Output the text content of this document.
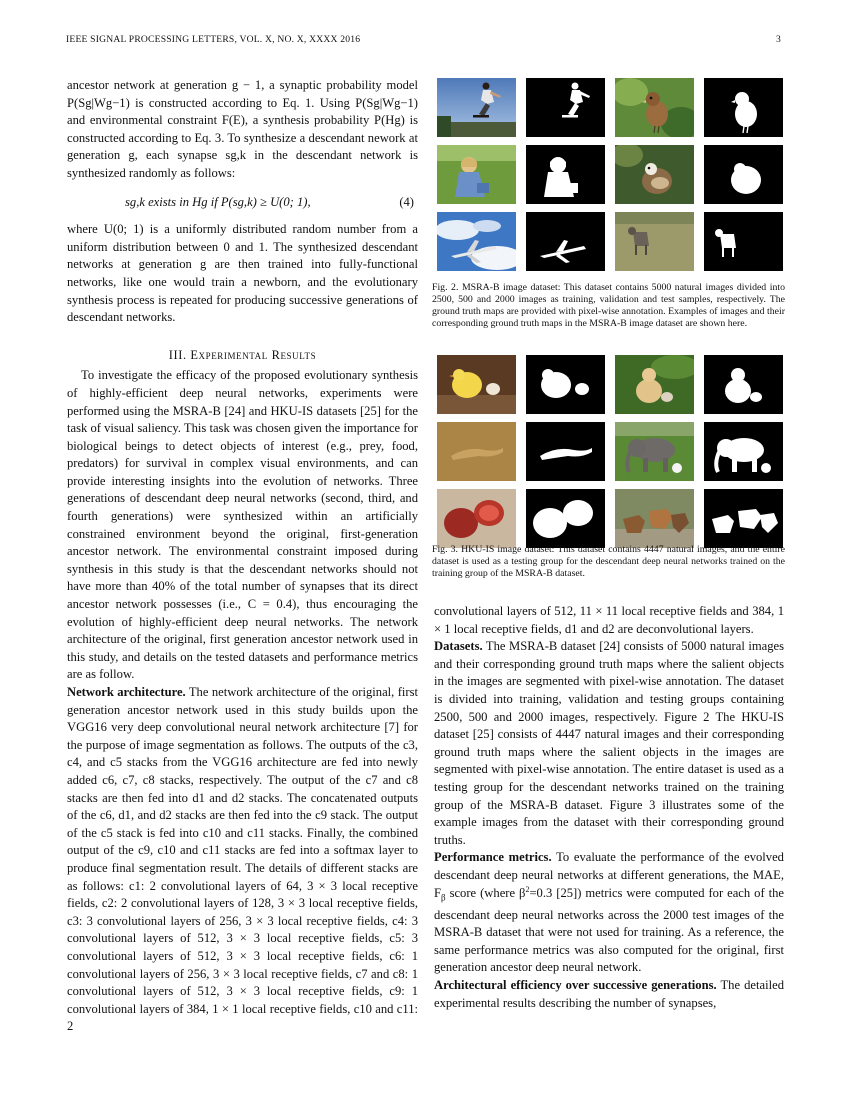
IEEE SIGNAL PROCESSING LETTERS, VOL. X, NO. X, XXXX 2016	3

ancestor network at generation g − 1, a synaptic probability model P(Sg|Wg−1) is constructed according to Eq. 1. Using P(Sg|Wg−1) and environmental constraint F(E), a synthesis probability P(Hg) is constructed according to Eq. 3. To synthesize a descendant nework at generation g, each synapse sg,k in the descendant network is synthesized randomly as follows:

sg,k exists in Hg if P(sg,k) ≥ U(0; 1),	(4)

where U(0; 1) is a uniformly distributed random number from a uniform distribution between 0 and 1. The synthesized descendant networks at generation g are then trained into fully-functional networks, like one would train a newborn, and the evolutionary synthesis process is repeated for producing successive generations of descendant networks.

III. Experimental Results

To investigate the efficacy of the proposed evolutionary synthesis of highly-efficient deep neural networks, experiments were performed using the MSRA-B [24] and HKU-IS datasets [25] for the task of visual saliency. This task was chosen given the importance for biological beings to detect objects of interest (e.g., prey, food, predators) for survival in complex visual environments, and can provide interesting insights into the evolution of networks. Three generations of descendant deep neural networks (second, third, and fourth generations) were synthesized within an artificially constrained environment beyond the original, first-generation ancestor network. The environmental constraint imposed during synthesis in this study is that the descendant networks should not have more than 40% of the total number of synapses that its direct ancestor network possesses (i.e., C = 0.4), thus encouraging the evolution of highly-efficient deep neural networks. The network architecture of the original, first generation ancestor network used in this study, and details on the tested datasets and performance metrics are as follow.

Network architecture. The network architecture of the original, first generation ancestor network used in this study builds upon the VGG16 very deep convolutional neural network architecture [7] for the purpose of image segmentation as follows. The outputs of the c3, c4, and c5 stacks from the VGG16 architecture are fed into newly added c6, c7, c8 stacks, respectively. The output of the c7 and c8 stacks are then fed into d1 and d2 stacks. The concatenated outputs of the c6, d1, and d2 stacks are then fed into the c9 stack. The output of the c5 stack is fed into c10 and c11 stacks. Finally, the combined output of the c9, c10 and c11 stacks are fed into a softmax layer to produce final segmentation result. The details of different stacks are as follows: c1: 2 convolutional layers of 64, 3 × 3 local receptive fields, c2: 2 convolutional layers of 128, 3 × 3 local receptive fields, c3: 3 convolutional layers of 256, 3 × 3 local receptive fields, c4: 3 convolutional layers of 512, 3 × 3 local receptive fields, c5: 3 convolutional layers of 512, 3 × 3 local receptive fields, c6: 1 convolutional layers of 256, 3 × 3 local receptive fields, c7 and c8: 1 convolutional layers of 512, 3 × 3 local receptive fields, c9: 1 convolutional layers of 384, 1 × 1 local receptive fields, c10 and c11: 2

Fig. 2. MSRA-B image dataset: This dataset contains 5000 natural images divided into 2500, 500 and 2000 images as training, validation and test samples, respectively. The ground truth maps are provided with pixel-wise annotation. Examples of images and their corresponding ground truth maps in the MSRA-B image dataset are shown here.
Fig. 3. HKU-IS image dataset: This dataset contains 4447 natural images, and the entire dataset is used as a testing group for the descendant deep neural networks trained on the training group of the MSRA-B dataset.

convolutional layers of 512, 11 × 11 local receptive fields and 384, 1 × 1 local receptive fields, d1 and d2 are deconvolutional layers.

Datasets. The MSRA-B dataset [24] consists of 5000 natural images and their corresponding ground truth maps where the salient objects in the images are segmented with pixel-wise annotation. The dataset is divided into training, validation and testing groups containing 2500, 500 and 2000 images, respectively. Figure 2 The HKU-IS dataset [25] consists of 4447 natural images and their corresponding ground truth maps where the salient objects in the images are segmented with pixel-wise annotation. The entire dataset is used as a testing group for the descendant networks trained on the training group of the MSRA-B dataset. Figure 3 illustrates some of the example images from the dataset with their corresponding ground truths.

Performance metrics. To evaluate the performance of the evolved descendant deep neural networks at different generations, the MAE, $F_\beta$ score (where $\beta^2=0.3$ [25]) metrics were computed for each of the descendant deep neural networks across the 2000 test images of the MSRA-B dataset that were not used for training. As a reference, the same performance metrics was also computed for the original, first generation ancestor deep neural network.

Architectural efficiency over successive generations. The detailed experimental results describing the number of synapses,
